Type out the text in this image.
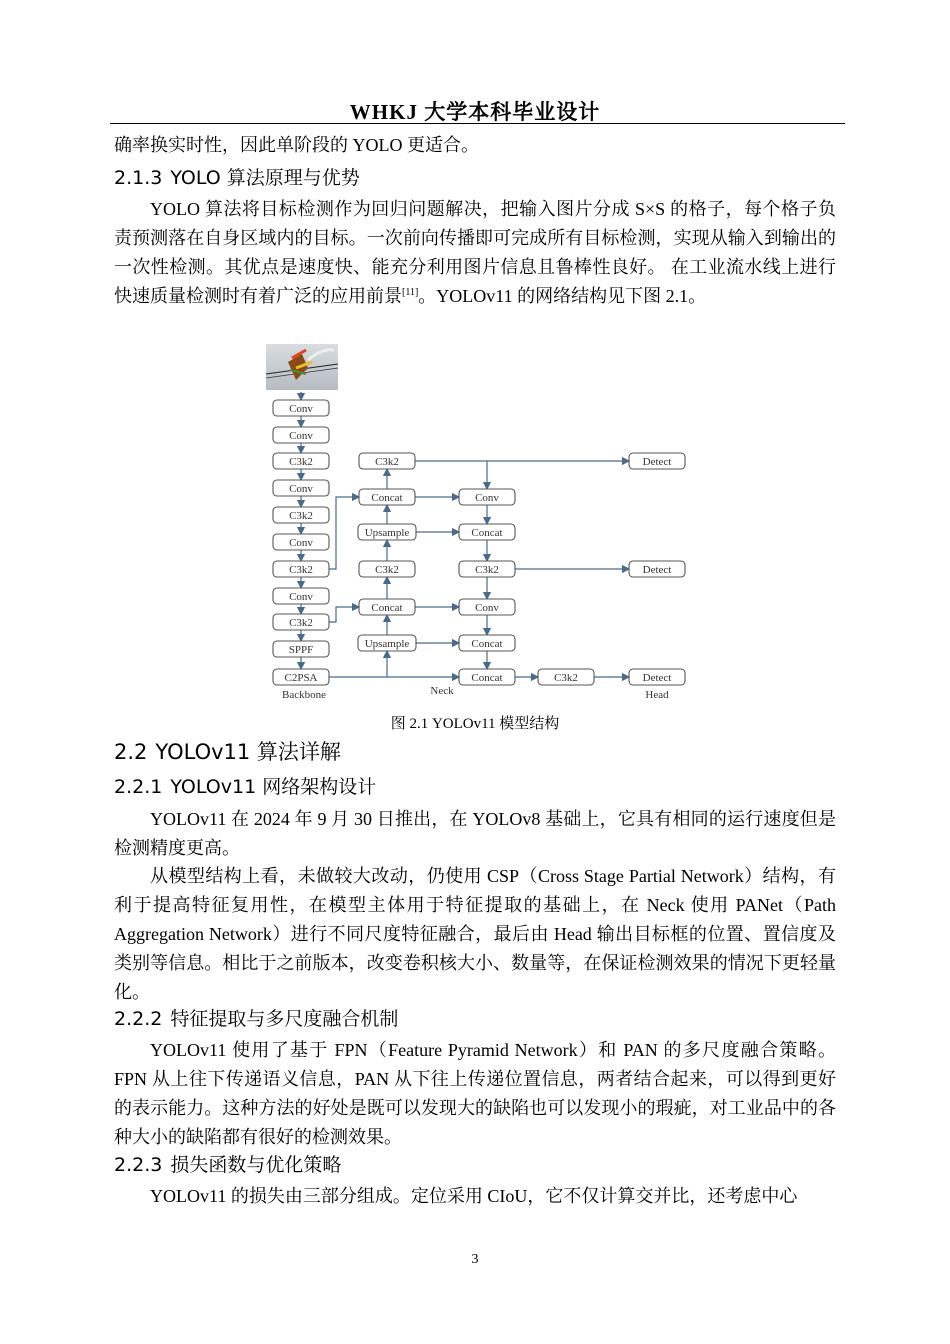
WHKJ 大学本科毕业设计
确率换实时性，因此单阶段的 YOLO 更适合。
2.1.3 YOLO 算法原理与优势
YOLO 算法将目标检测作为回归问题解决，把输入图片分成 S×S 的格子，每个格子负责预测落在自身区域内的目标。一次前向传播即可完成所有目标检测，实现从输入到输出的一次性检测。其优点是速度快、能充分利用图片信息且鲁棒性良好。 在工业流水线上进行快速质量检测时有着广泛的应用前景[11]。YOLOv11 的网络结构见下图 2.1。
Conv
Conv
C3k2
Conv
C3k2
Conv
C3k2
Conv
C3k2
SPPF
C2PSA
C3k2
Concat
Upsample
C3k2
Concat
Upsample
Conv
Concat
C3k2
Conv
Concat
Concat	C3k2
Detect
Detect
Detect
Backbone	Neck	Head
图 2.1 YOLOv11 模型结构
2.2 YOLOv11 算法详解
2.2.1 YOLOv11 网络架构设计
YOLOv11 在 2024 年 9 月 30 日推出，在 YOLOv8 基础上，它具有相同的运行速度但是检测精度更高。
从模型结构上看，未做较大改动，仍使用 CSP（Cross Stage Partial Network）结构，有利于提高特征复用性，在模型主体用于特征提取的基础上，在 Neck 使用 PANet（Path Aggregation Network）进行不同尺度特征融合，最后由 Head 输出目标框的位置、置信度及类别等信息。相比于之前版本，改变卷积核大小、数量等，在保证检测效果的情况下更轻量化。
2.2.2 特征提取与多尺度融合机制
YOLOv11 使用了基于 FPN（Feature Pyramid Network）和 PAN 的多尺度融合策略。FPN 从上往下传递语义信息，PAN 从下往上传递位置信息，两者结合起来，可以得到更好的表示能力。这种方法的好处是既可以发现大的缺陷也可以发现小的瑕疵，对工业品中的各种大小的缺陷都有很好的检测效果。
2.2.3 损失函数与优化策略
YOLOv11 的损失由三部分组成。定位采用 CIoU，它不仅计算交并比，还考虑中心
3
